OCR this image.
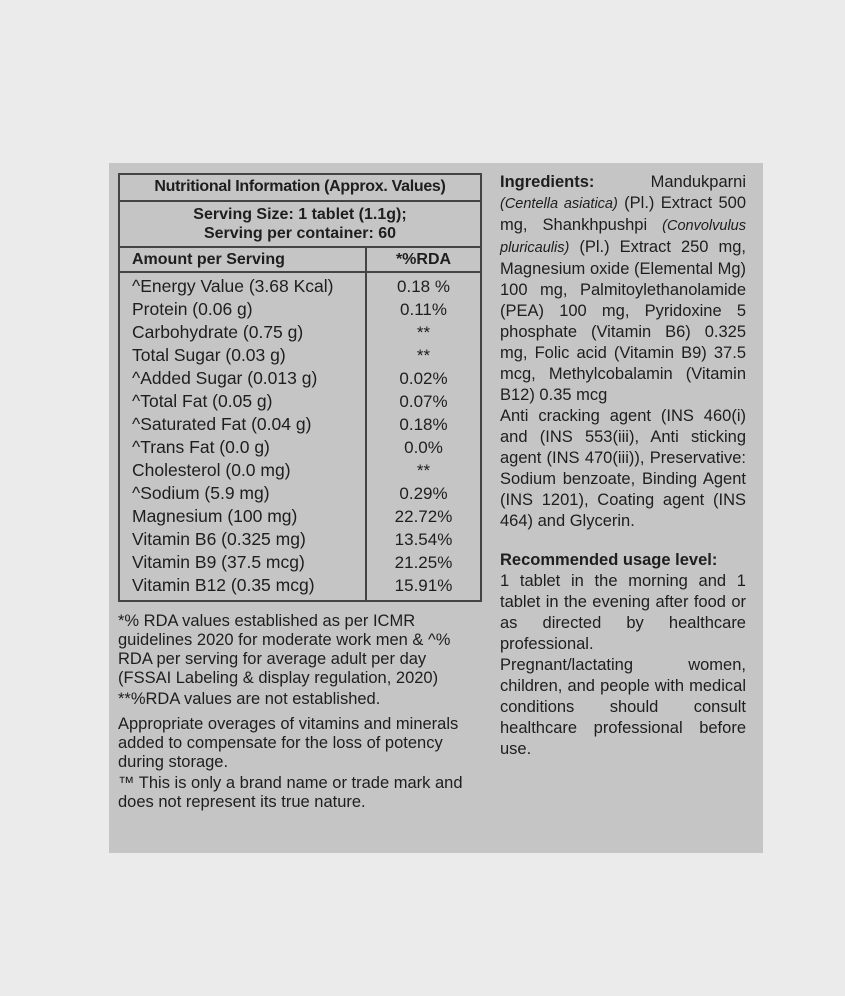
Nutritional Information (Approx. Values)
Serving Size: 1 tablet (1.1g);
Serving per container: 60
Amount per Serving	*%RDA
^Energy Value (3.68 Kcal)
Protein (0.06 g)
Carbohydrate (0.75 g)
Total Sugar (0.03 g)
^Added Sugar (0.013 g)
^Total Fat (0.05 g)
^Saturated Fat (0.04 g)
^Trans Fat (0.0 g)
Cholesterol (0.0 mg)
^Sodium (5.9 mg)
Magnesium (100 mg)
Vitamin B6 (0.325 mg)
Vitamin B9 (37.5 mcg)
Vitamin B12 (0.35 mcg)
0.18 %
0.11%
**
**
0.02%
0.07%
0.18%
0.0%
**
0.29%
22.72%
13.54%
21.25%
15.91%

*% RDA values established as per ICMR guidelines 2020 for moderate work men & ^% RDA per serving for average adult per day (FSSAI Labeling & display regulation, 2020)

**%RDA values are not established.

Appropriate overages of vitamins and minerals added to compensate for the loss of potency during storage.

™ This is only a brand name or trade mark and does not represent its true nature.

Ingredients: Mandukparni (Centella asiatica) (Pl.) Extract 500 mg, Shankhpushpi (Convolvulus pluricaulis) (Pl.) Extract 250 mg, Magnesium oxide (Elemental Mg) 100 mg, Palmitoylethanolamide (PEA) 100 mg, Pyridoxine 5 phosphate (Vitamin B6) 0.325 mg, Folic acid (Vitamin B9) 37.5 mcg, Methylcobalamin (Vitamin B12) 0.35 mcg

Anti cracking agent (INS 460(i) and (INS 553(iii), Anti sticking agent (INS 470(iii)), Preservative: Sodium benzoate, Binding Agent (INS 1201), Coating agent (INS 464) and Glycerin.

Recommended usage level:

1 tablet in the morning and 1 tablet in the evening after food or as directed by healthcare professional.

Pregnant/lactating women, children, and people with medical conditions should consult healthcare professional before use.
